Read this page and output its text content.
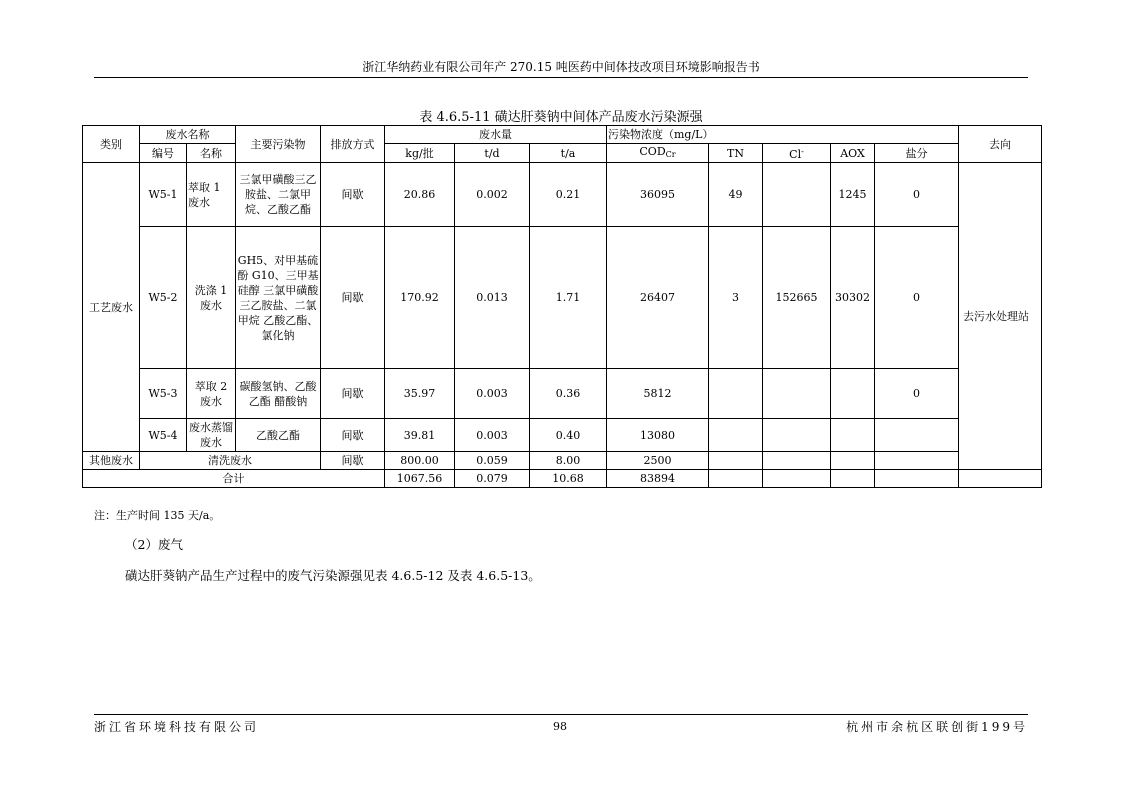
浙江华纳药业有限公司年产 270.15 吨医药中间体技改项目环境影响报告书
表 4.6.5-11 磺达肝葵钠中间体产品废水污染源强
类别	废水名称		主要污染物	排放方式	废水量			污染物浓度（mg/L）					去向
	编号	名称			kg/批	t/d	t/a	$COD_{Cr}$	TN	Cl-	AOX	盐分	
工艺废水	W5-1	萃取 1 废水	三氯甲磺酸三乙胺盐、二氯甲烷、乙酸乙酯	间歇	20.86	0.002	0.21	36095	49		1245	0	去污水处理站
	W5-2	洗涤 1 废水	GH5、对甲基硫酚 G10、三甲基硅醇 三氯甲磺酸三乙胺盐、二氯甲烷 乙酸乙酯、氯化钠	间歇	170.92	0.013	1.71	26407	3	152665	30302	0	
	W5-3	萃取 2 废水	碳酸氢钠、乙酸乙酯 醋酸钠	间歇	35.97	0.003	0.36	5812				0	
	W5-4	废水蒸馏废水	乙酸乙酯	间歇	39.81	0.003	0.40	13080					
其他废水	清洗废水			间歇	800.00	0.059	8.00	2500					
合计					1067.56	0.079	10.68	83894					
注：生产时间 135 天/a。
（2）废气
磺达肝葵钠产品生产过程中的废气污染源强见表 4.6.5-12 及表 4.6.5-13。
浙江省环境科技有限公司	98	杭州市余杭区联创街199号
